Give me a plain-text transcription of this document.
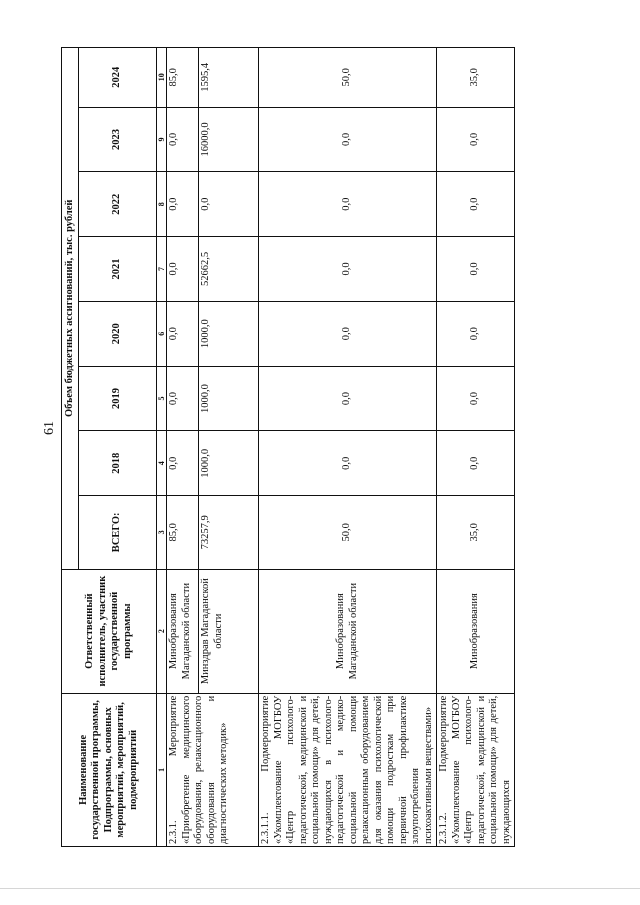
61
Наименование государственной программы, Подпрограммы, основных мероприятий, мероприятий, подмероприятий	Ответственный исполнитель, участник государственной программы	Объем бюджетных ассигнований, тыс. рублей							
		ВСЕГО:	2018	2019	2020	2021	2022	2023	2024
1	2	3	4	5	6	7	8	9	10
2.3.1. Мероприятие «Приобретение медицинского оборудования, релаксационного оборудования и диагностических методик»	Минобразования Магаданской области	85,0	0,0	0,0	0,0	0,0	0,0	0,0	85,0
	Минздрав Магаданской области	73257,9	1000,0	1000,0	1000,0	52662,5	0,0	16000,0	1595,4
2.3.1.1. Подмероприятие «Укомплектование МОГБОУ «Центр психолого-педагогической, медицинской и социальной помощи» для детей, нуждающихся в психолого-педагогической и медико-социальной помощи релаксационным оборудованием для оказания психологической помощи подросткам при первичной профилактике злоупотребления психоактивными веществами»	Минобразования Магаданской области	50,0	0,0	0,0	0,0	0,0	0,0	0,0	50,0
2.3.1.2. Подмероприятие «Укомплектование МОГБОУ «Центр психолого-педагогической, медицинской и социальной помощи» для детей, нуждающихся	Минобразования	35,0	0,0	0,0	0,0	0,0	0,0	0,0	35,0
